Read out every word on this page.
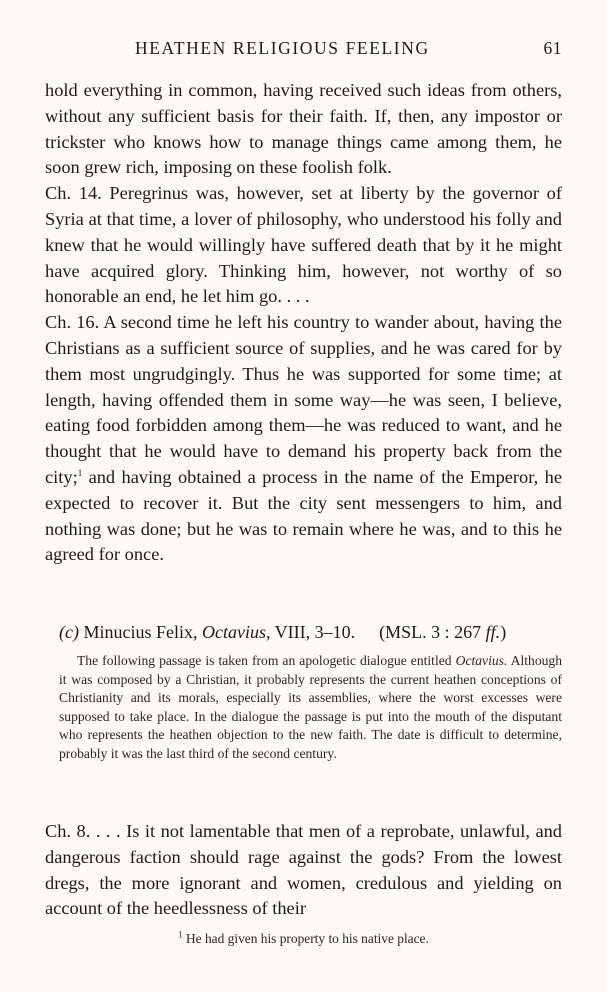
HEATHEN RELIGIOUS FEELING	61

hold everything in common, having received such ideas from others, without any sufficient basis for their faith. If, then, any impostor or trickster who knows how to manage things came among them, he soon grew rich, imposing on these foolish folk.

Ch. 14. Peregrinus was, however, set at liberty by the governor of Syria at that time, a lover of philosophy, who understood his folly and knew that he would willingly have suffered death that by it he might have acquired glory. Thinking him, however, not worthy of so honorable an end, he let him go. . . .

Ch. 16. A second time he left his country to wander about, having the Christians as a sufficient source of supplies, and he was cared for by them most ungrudgingly. Thus he was supported for some time; at length, having offended them in some way—he was seen, I believe, eating food forbidden among them—he was reduced to want, and he thought that he would have to demand his property back from the city;$^1$ and having obtained a process in the name of the Emperor, he expected to recover it. But the city sent messengers to him, and nothing was done; but he was to remain where he was, and to this he agreed for once.

(c) Minucius Felix, Octavius, VIII, 3–10. (MSL. 3 : 267 ff.)

The following passage is taken from an apologetic dialogue entitled Octavius. Although it was composed by a Christian, it probably represents the current heathen conceptions of Christianity and its morals, especially its assemblies, where the worst excesses were supposed to take place. In the dialogue the passage is put into the mouth of the disputant who represents the heathen objection to the new faith. The date is difficult to determine, probably it was the last third of the second century.

Ch. 8. . . . Is it not lamentable that men of a reprobate, unlawful, and dangerous faction should rage against the gods? From the lowest dregs, the more ignorant and women, credulous and yielding on account of the heedlessness of their

$^1$ He had given his property to his native place.
